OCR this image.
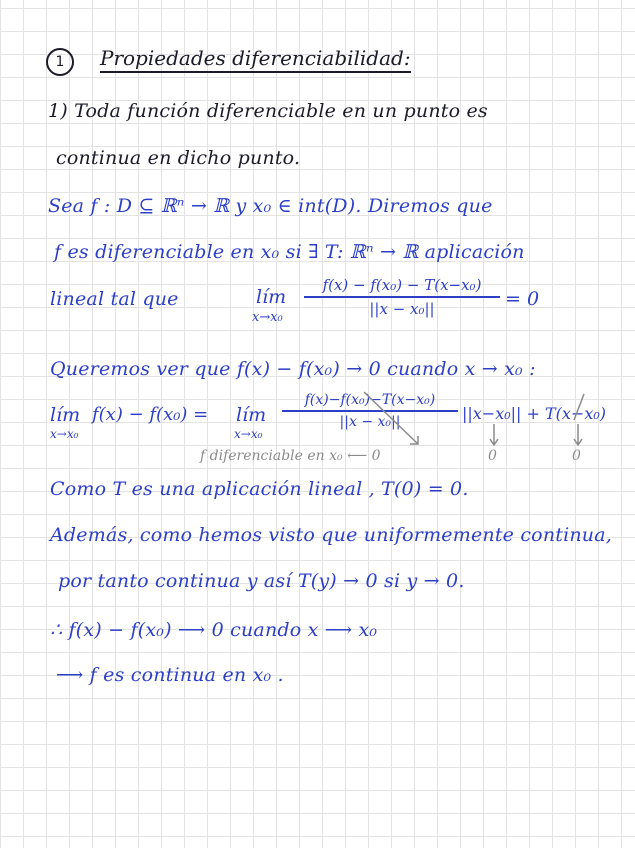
1	Propiedades diferenciabilidad:
1) Toda función diferenciable en un punto es
continua en dicho punto.
Sea f : D ⊆ ℝⁿ → ℝ y x₀ ∈ int(D). Diremos que
f es diferenciable en x₀ si ∃ T: ℝⁿ → ℝ aplicación
lineal tal que	lím
$x\to x_0 \frac{\text{f(x) − f(x₀) − T(x−x₀)}}{\text{||x − x₀||}} = 0$
Queremos ver que f(x) − f(x₀) → 0 cuando x → x₀ :
lím
x→x₀
f(x) − f(x₀) = lím
x→x₀
$\frac{\text{f(x)−f(x₀)−T(x−x₀)}}{\text{||x − x₀||}} ||x-x_0|| + T(x-x_0)$
f diferenciable en x₀ ⟵ 0	0	0
Como T es una aplicación lineal , T(0) = 0.
Además, como hemos visto que uniformemente continua,
por tanto continua y así T(y) → 0 si y → 0.
∴ f(x) − f(x₀) ⟶ 0 cuando x ⟶ x₀
⟶ f es continua en x₀ .
